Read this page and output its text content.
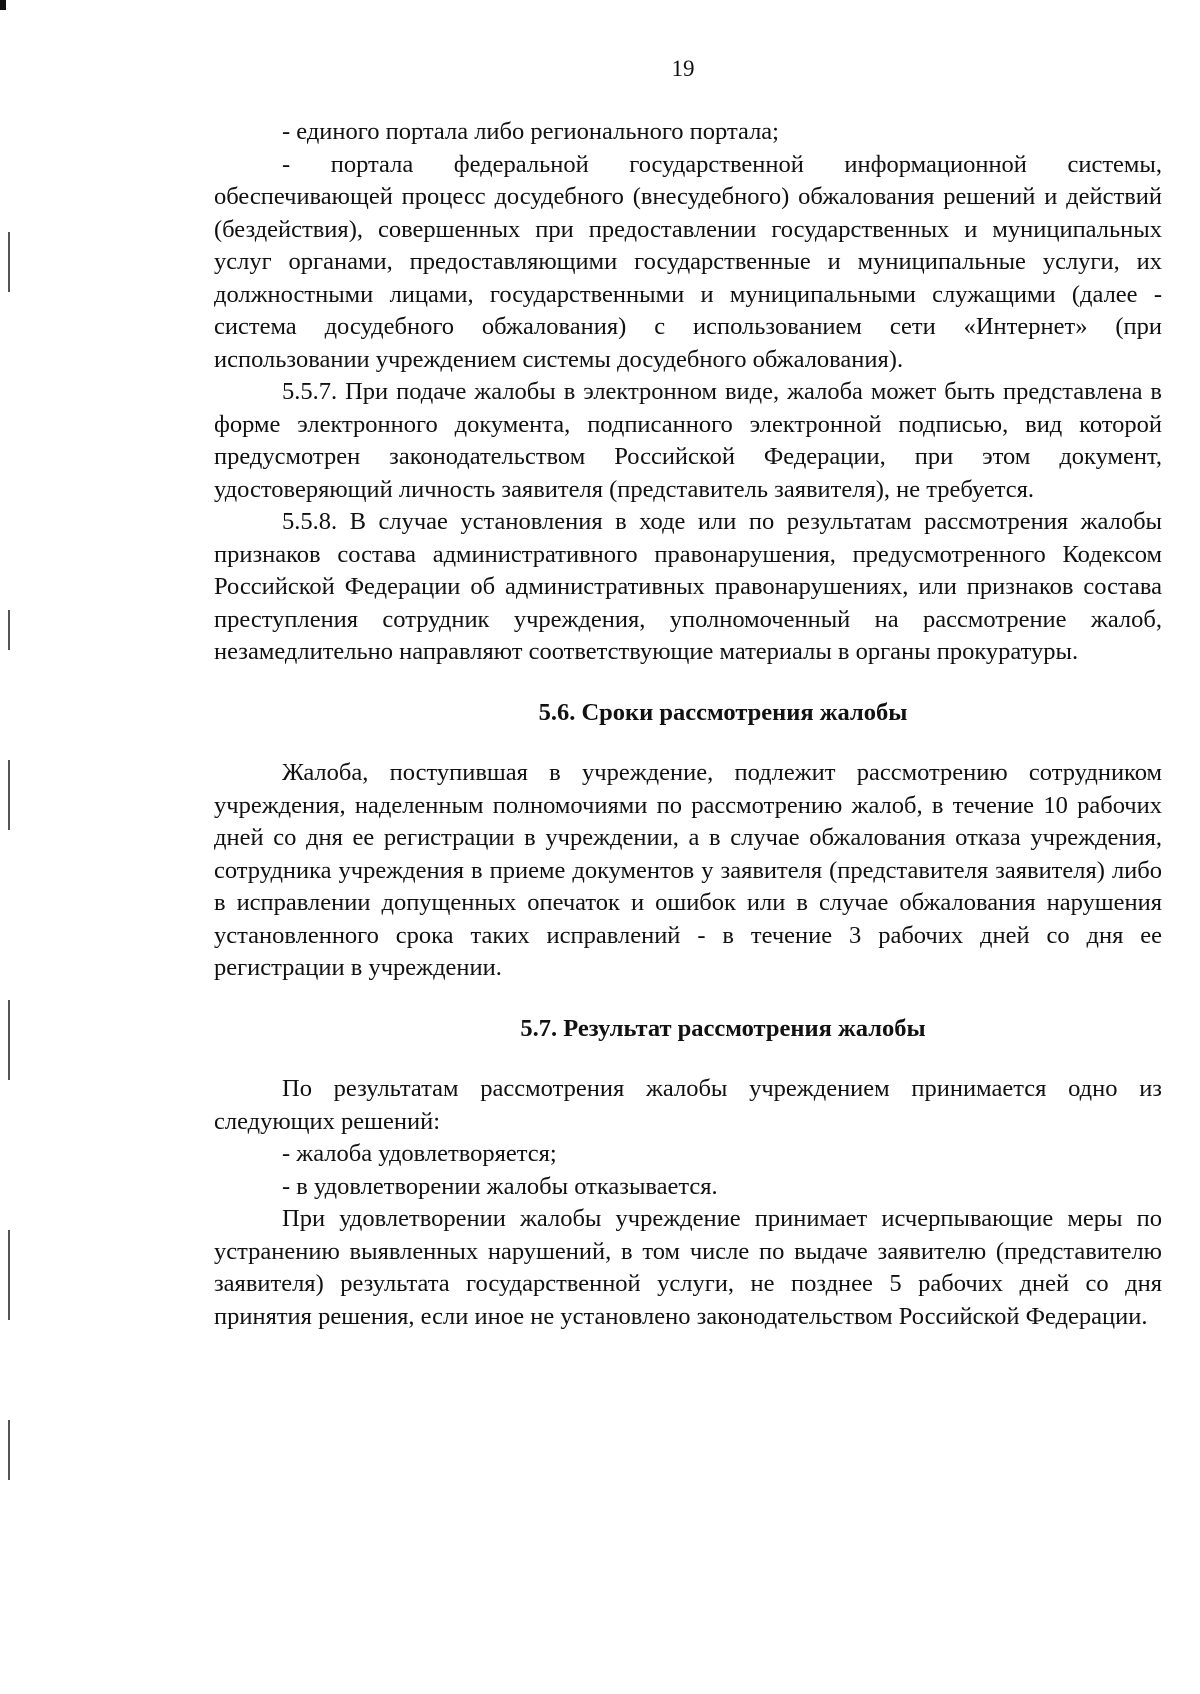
19

- единого портала либо регионального портала;

- портала федеральной государственной информационной системы, обеспечивающей процесс досудебного (внесудебного) обжалования решений и действий (бездействия), совершенных при предоставлении государственных и муниципальных услуг органами, предоставляющими государственные и муниципальные услуги, их должностными лицами, государственными и муниципальными служащими (далее - система досудебного обжалования) с использованием сети «Интернет» (при использовании учреждением системы досудебного обжалования).

5.5.7. При подаче жалобы в электронном виде, жалоба может быть представлена в форме электронного документа, подписанного электронной подписью, вид которой предусмотрен законодательством Российской Федерации, при этом документ, удостоверяющий личность заявителя (представитель заявителя), не требуется.

5.5.8. В случае установления в ходе или по результатам рассмотрения жалобы признаков состава административного правонарушения, предусмотренного Кодексом Российской Федерации об административных правонарушениях, или признаков состава преступления сотрудник учреждения, уполномоченный на рассмотрение жалоб, незамедлительно направляют соответствующие материалы в органы прокуратуры.

5.6. Сроки рассмотрения жалобы

Жалоба, поступившая в учреждение, подлежит рассмотрению сотрудником учреждения, наделенным полномочиями по рассмотрению жалоб, в течение 10 рабочих дней со дня ее регистрации в учреждении, а в случае обжалования отказа учреждения, сотрудника учреждения в приеме документов у заявителя (представителя заявителя) либо в исправлении допущенных опечаток и ошибок или в случае обжалования нарушения установленного срока таких исправлений - в течение 3 рабочих дней со дня ее регистрации в учреждении.

5.7. Результат рассмотрения жалобы

По результатам рассмотрения жалобы учреждением принимается одно из следующих решений:

- жалоба удовлетворяется;

- в удовлетворении жалобы отказывается.

При удовлетворении жалобы учреждение принимает исчерпывающие меры по устранению выявленных нарушений, в том числе по выдаче заявителю (представителю заявителя) результата государственной услуги, не позднее 5 рабочих дней со дня принятия решения, если иное не установлено законодательством Российской Федерации.
